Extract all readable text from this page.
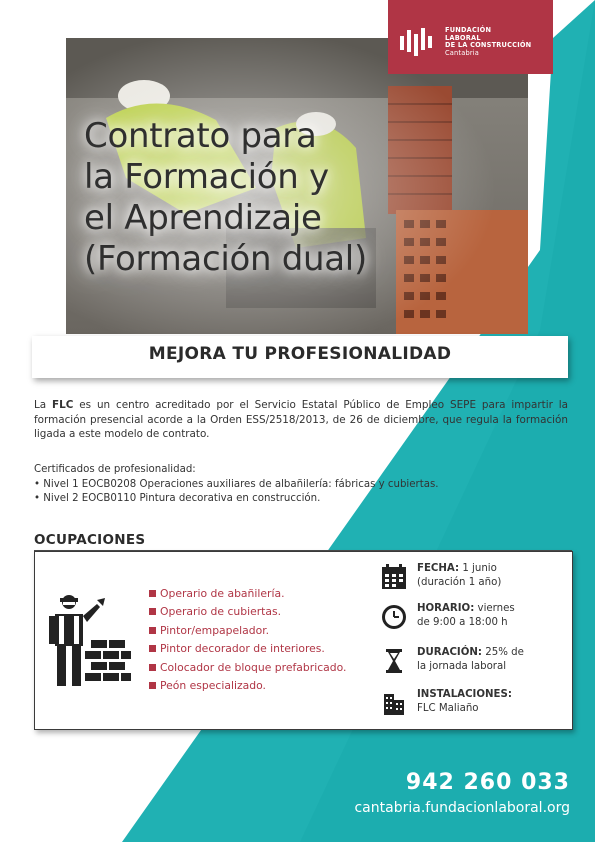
Contrato para
la Formación y
el Aprendizaje
(Formación dual)
FUNDACIÓN
LABORAL
DE LA CONSTRUCCIÓN
Cantabria

MEJORA TU PROFESIONALIDAD

La FLC es un centro acreditado por el Servicio Estatal Público de Empleo SEPE para impartir la formación presencial acorde a la Orden ESS/2518/2013, de 26 de diciembre, que regula la formación ligada a este modelo de contrato.

Certificados de profesionalidad:
• Nivel 1 EOCB0208 Operaciones auxiliares de albañilería: fábricas y cubiertas.
• Nivel 2 EOCB0110 Pintura decorativa en construcción.
OCUPACIONES
Operario de abañilería.
Operario de cubiertas.
Pintor/empapelador.
Pintor decorador de interiores.
Colocador de bloque prefabricado.
Peón especializado.
FECHA: 1 junio
(duración 1 año)
HORARIO: viernes
de 9:00 a 18:00 h
DURACIÓN: 25% de
la jornada laboral
INSTALACIONES:
FLC Maliaño

942 260 033

cantabria.fundacionlaboral.org
